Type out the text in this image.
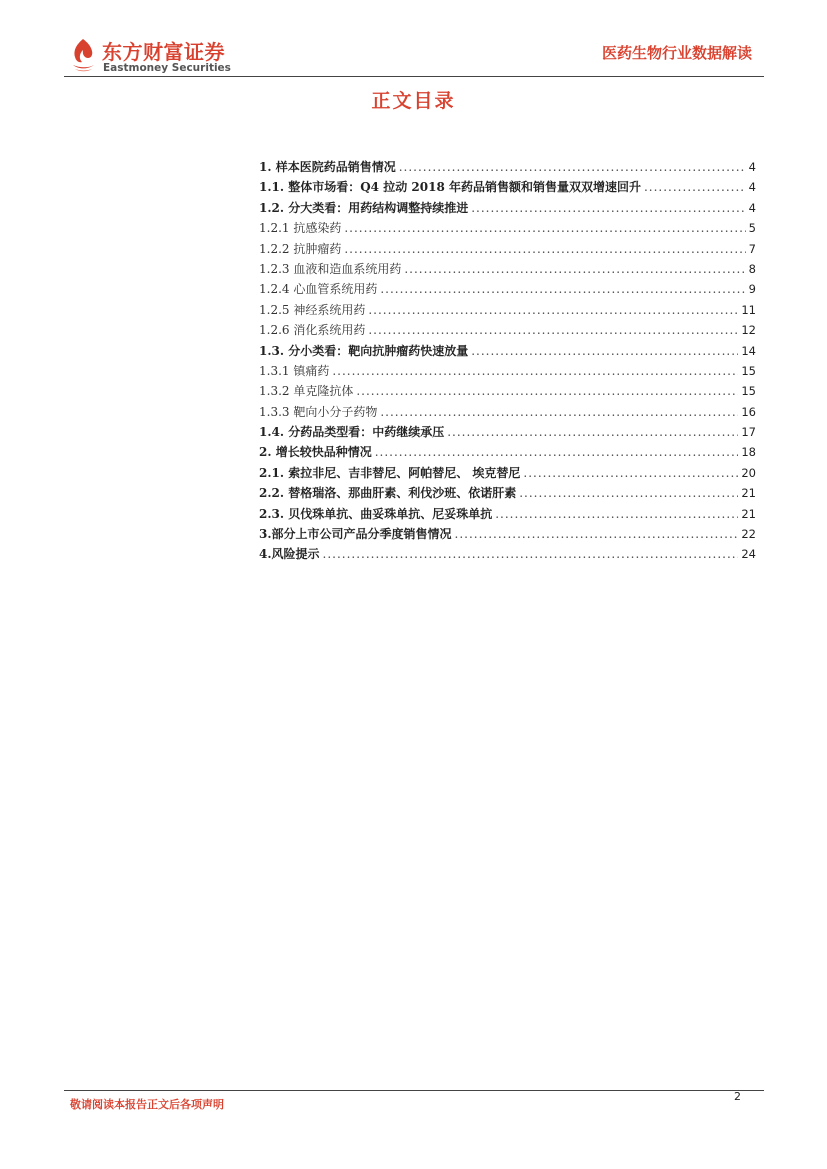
东方财富证券
Eastmoney Securities
医药生物行业数据解读
正文目录
1. 样本医院药品销售情况 .....	4
1.1. 整体市场看：Q4 拉动 2018 年药品销售额和销售量双双增速回升 .....	4
1.2. 分大类看：用药结构调整持续推进 .....	4
1.2.1 抗感染药 .....	5
1.2.2 抗肿瘤药 .....	7
1.2.3 血液和造血系统用药 .....	8
1.2.4 心血管系统用药 .....	9
1.2.5 神经系统用药 .....	11
1.2.6 消化系统用药 .....	12
1.3. 分小类看：靶向抗肿瘤药快速放量 .....	14
1.3.1 镇痛药 .....	15
1.3.2 单克隆抗体 .....	15
1.3.3 靶向小分子药物 .....	16
1.4. 分药品类型看：中药继续承压 .....	17
2. 增长较快品种情况 .....	18
2.1. 索拉非尼、吉非替尼、阿帕替尼、 埃克替尼 .....	20
2.2. 替格瑞洛、那曲肝素、利伐沙班、依诺肝素 .....	21
2.3. 贝伐珠单抗、曲妥珠单抗、尼妥珠单抗 .....	21
3.部分上市公司产品分季度销售情况 .....	22
4.风险提示 .....	24
敬请阅读本报告正文后各项声明
2
